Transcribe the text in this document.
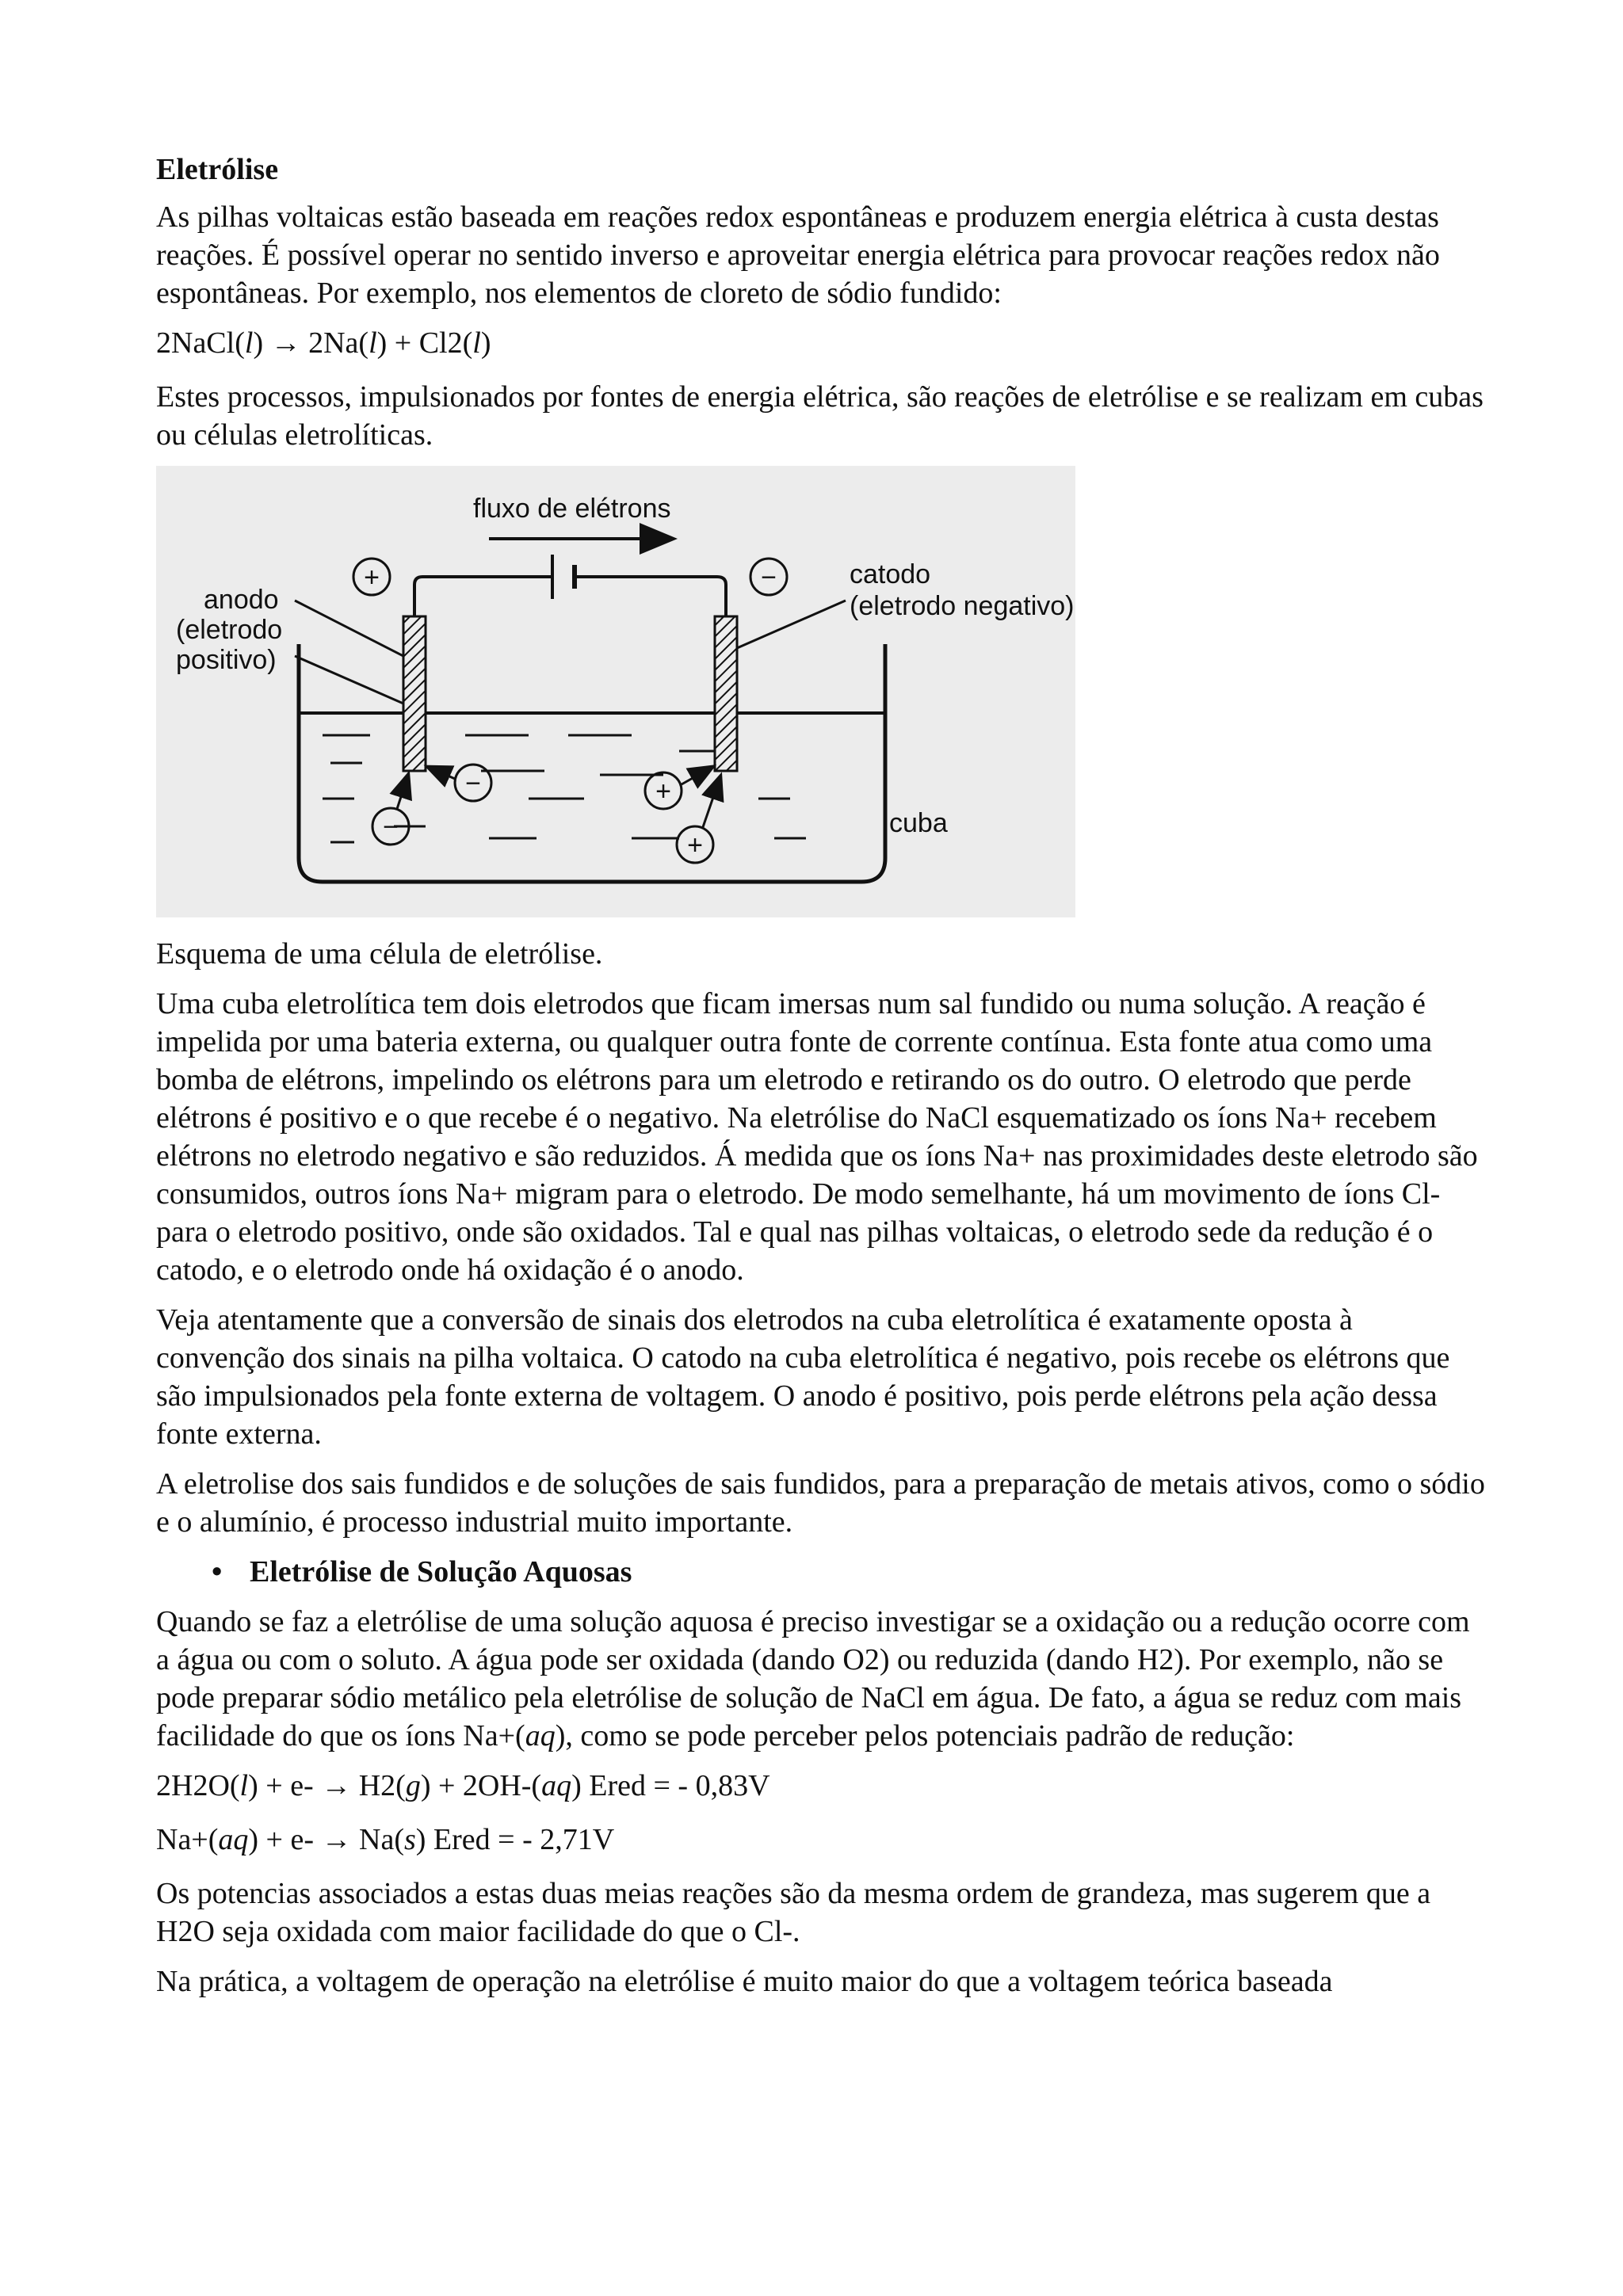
Eletrólise

As pilhas voltaicas estão baseada em reações redox espontâneas e produzem energia elétrica à custa destas reações. É possível operar no sentido inverso e aproveitar energia elétrica para provocar reações redox não espontâneas. Por exemplo, nos elementos de cloreto de sódio fundido:

2NaCl(l) → 2Na(l) + Cl2(l)

Estes processos, impulsionados por fontes de energia elétrica, são reações de eletrólise e se realizam em cubas ou células eletrolíticas.

fluxo de elétrons
+	−
anodo
(eletrodo
positivo)
catodo
(eletrodo negativo)
cuba
−
−
+
+

Esquema de uma célula de eletrólise.

Uma cuba eletrolítica tem dois eletrodos que ficam imersas num sal fundido ou numa solução. A reação é impelida por uma bateria externa, ou qualquer outra fonte de corrente contínua. Esta fonte atua como uma bomba de elétrons, impelindo os elétrons para um eletrodo e retirando os do outro. O eletrodo que perde elétrons é positivo e o que recebe é o negativo. Na eletrólise do NaCl esquematizado os íons Na+ recebem elétrons no eletrodo negativo e são reduzidos. Á medida que os íons Na+ nas proximidades deste eletrodo são consumidos, outros íons Na+ migram para o eletrodo. De modo semelhante, há um movimento de íons Cl- para o eletrodo positivo, onde são oxidados. Tal e qual nas pilhas voltaicas, o eletrodo sede da redução é o catodo, e o eletrodo onde há oxidação é o anodo.

Veja atentamente que a conversão de sinais dos eletrodos na cuba eletrolítica é exatamente oposta à convenção dos sinais na pilha voltaica. O catodo na cuba eletrolítica é negativo, pois recebe os elétrons que são impulsionados pela fonte externa de voltagem. O anodo é positivo, pois perde elétrons pela ação dessa fonte externa.

A eletrolise dos sais fundidos e de soluções de sais fundidos, para a preparação de metais ativos, como o sódio e o alumínio, é processo industrial muito importante.

• Eletrólise de Solução Aquosas

Quando se faz a eletrólise de uma solução aquosa é preciso investigar se a oxidação ou a redução ocorre com a água ou com o soluto. A água pode ser oxidada (dando O2) ou reduzida (dando H2). Por exemplo, não se pode preparar sódio metálico pela eletrólise de solução de NaCl em água. De fato, a água se reduz com mais facilidade do que os íons Na+(aq), como se pode perceber pelos potenciais padrão de redução:

2H2O(l) + e- → H2(g) + 2OH-(aq) Ered = - 0,83V

Na+(aq) + e- → Na(s) Ered = - 2,71V

Os potencias associados a estas duas meias reações são da mesma ordem de grandeza, mas sugerem que a H2O seja oxidada com maior facilidade do que o Cl-.

Na prática, a voltagem de operação na eletrólise é muito maior do que a voltagem teórica baseada
